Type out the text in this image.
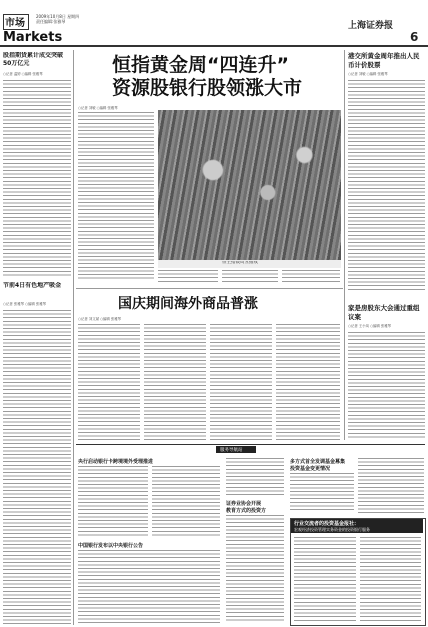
市场
2009年10月8日 星期四
责任编辑:张雅琴
Markets
上海证券报
6
股指期货累计成交突破50万亿元
○记者 温婷 ○编辑 张雅琴
节前4日有色地产吸金
○记者 张雅琴 ○编辑 张雅琴
恒指黄金周“四连升”
资源股银行股领涨大市
○记者 刘敏 ○编辑 张雅琴
恒生指数周五报收
港交所黄金周年推出人民币计价股票
○记者 刘敏 ○编辑 张雅琴
家是房股东大会通过重组议案
○记者 王小凤 ○编辑 张雅琴
国庆期间海外商品普涨
○记者 刘文斌 ○编辑 张雅琴
服务导航站
央行启动银行卡跨境境外受理推进
中国银行发布以中央银行公告
证券业协会开展
教育方式的投资方
多方式首全发调基金募集
投资基金变更情况
行业交流者的投资基金报社：
宏观经济投资管理实务资金的投资银行服务
